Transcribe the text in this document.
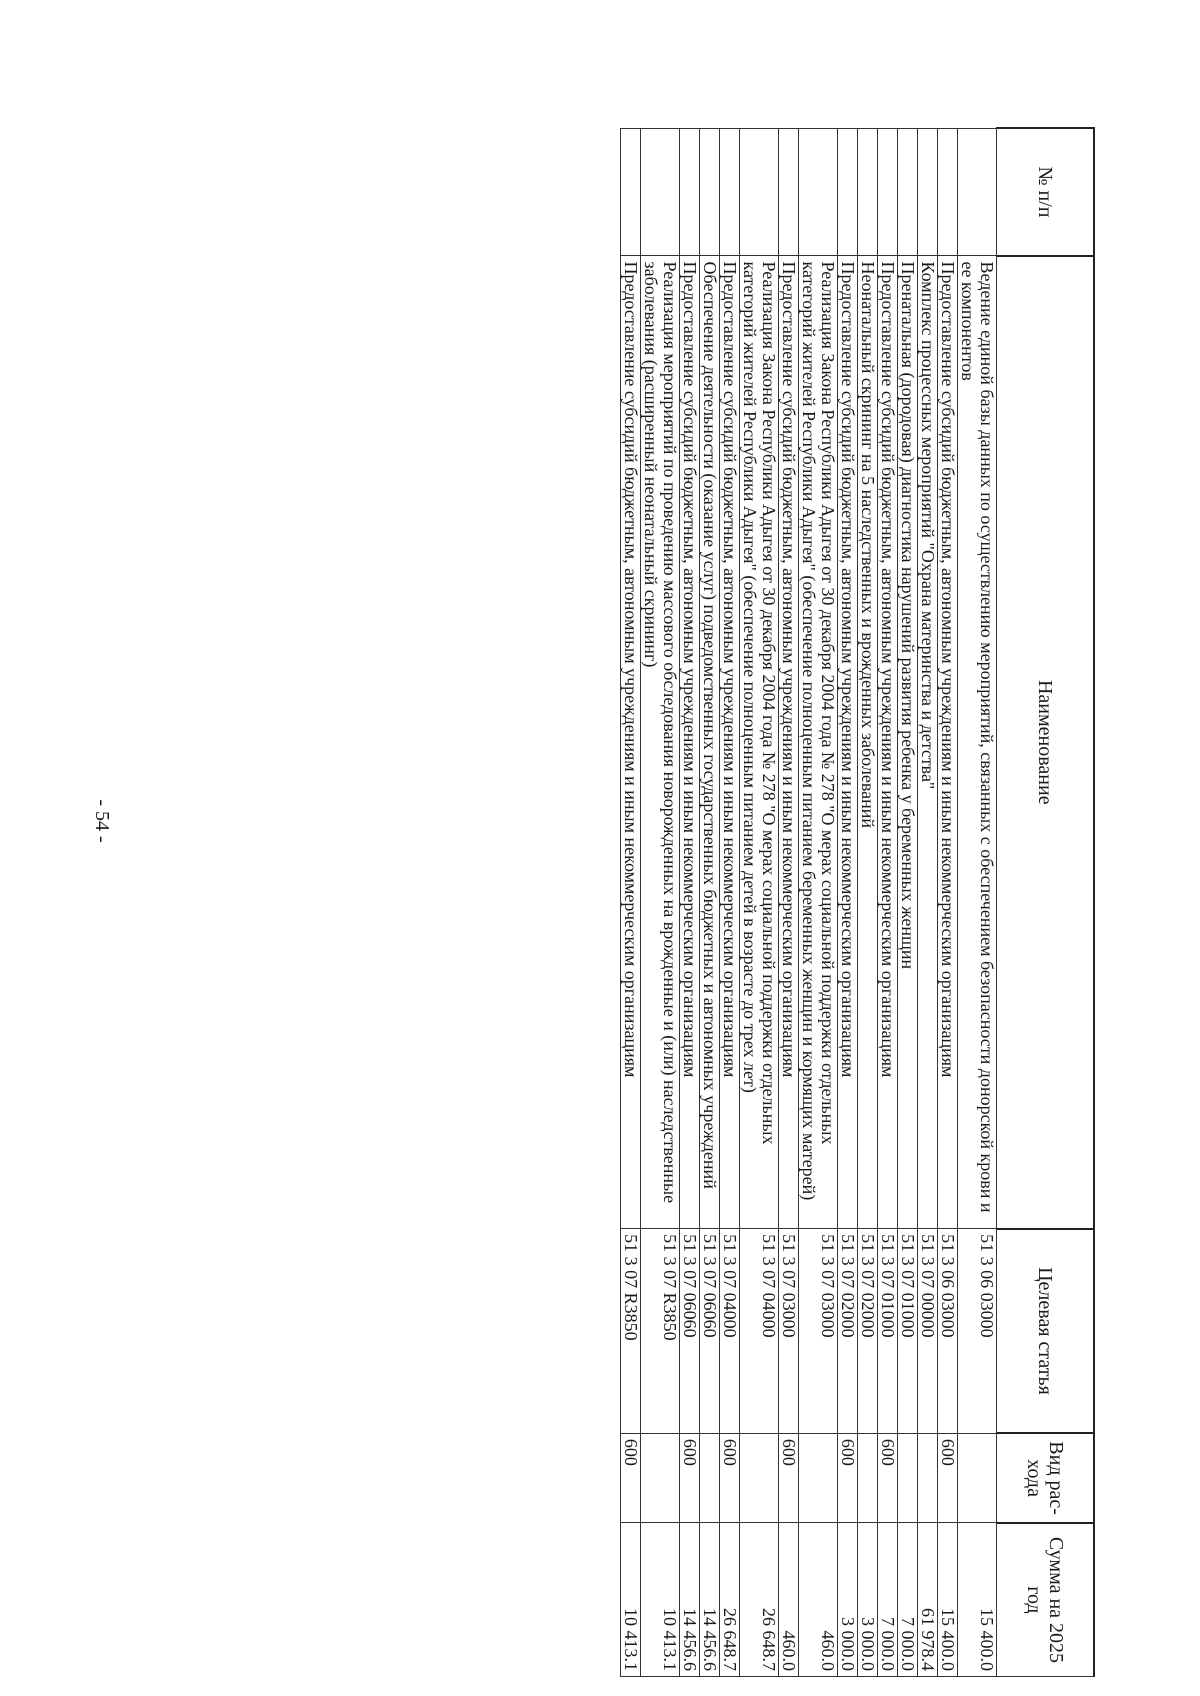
- 54 -
№ п/п	Наименование	Целевая статья	Вид рас-хода	Сумма на 2025 год
	Ведение единой базы данных по осуществлению мероприятий, связанных с обеспечением безопасности донорской крови и ее компонентов	51 3 06 03000		15 400.0
	Предоставление субсидий бюджетным, автономным учреждениям и иным некоммерческим организациям	51 3 06 03000	600	15 400.0
	Комплекс процессных мероприятий "Охрана материнства и детства"	51 3 07 00000		61 978.4
	Пренатальная (дородовая) диагностика нарушений развития ребенка у беременных женщин	51 3 07 01000		7 000.0
	Предоставление субсидий бюджетным, автономным учреждениям и иным некоммерческим организациям	51 3 07 01000	600	7 000.0
	Неонатальный скрининг на 5 наследственных и врожденных заболеваний	51 3 07 02000		3 000.0
	Предоставление субсидий бюджетным, автономным учреждениям и иным некоммерческим организациям	51 3 07 02000	600	3 000.0
	Реализация Закона Республики Адыгея от 30 декабря 2004 года № 278 "О мерах социальной поддержки отдельных категорий жителей Республики Адыгея" (обеспечение полноценным питанием беременных женщин и кормящих матерей)	51 3 07 03000		460.0
	Предоставление субсидий бюджетным, автономным учреждениям и иным некоммерческим организациям	51 3 07 03000	600	460.0
	Реализация Закона Республики Адыгея от 30 декабря 2004 года № 278 "О мерах социальной поддержки отдельных категорий жителей Республики Адыгея" (обеспечение полноценным питанием детей в возрасте до трех лет)	51 3 07 04000		26 648.7
	Предоставление субсидий бюджетным, автономным учреждениям и иным некоммерческим организациям	51 3 07 04000	600	26 648.7
	Обеспечение деятельности (оказание услуг) подведомственных государственных бюджетных и автономных учреждений	51 3 07 06060		14 456.6
	Предоставление субсидий бюджетным, автономным учреждениям и иным некоммерческим организациям	51 3 07 06060	600	14 456.6
	Реализация мероприятий по проведению массового обследования новорожденных на врожденные и (или) наследственные заболевания (расширенный неонатальный скрининг)	51 3 07 R3850		10 413.1
	Предоставление субсидий бюджетным, автономным учреждениям и иным некоммерческим организациям	51 3 07 R3850	600	10 413.1
